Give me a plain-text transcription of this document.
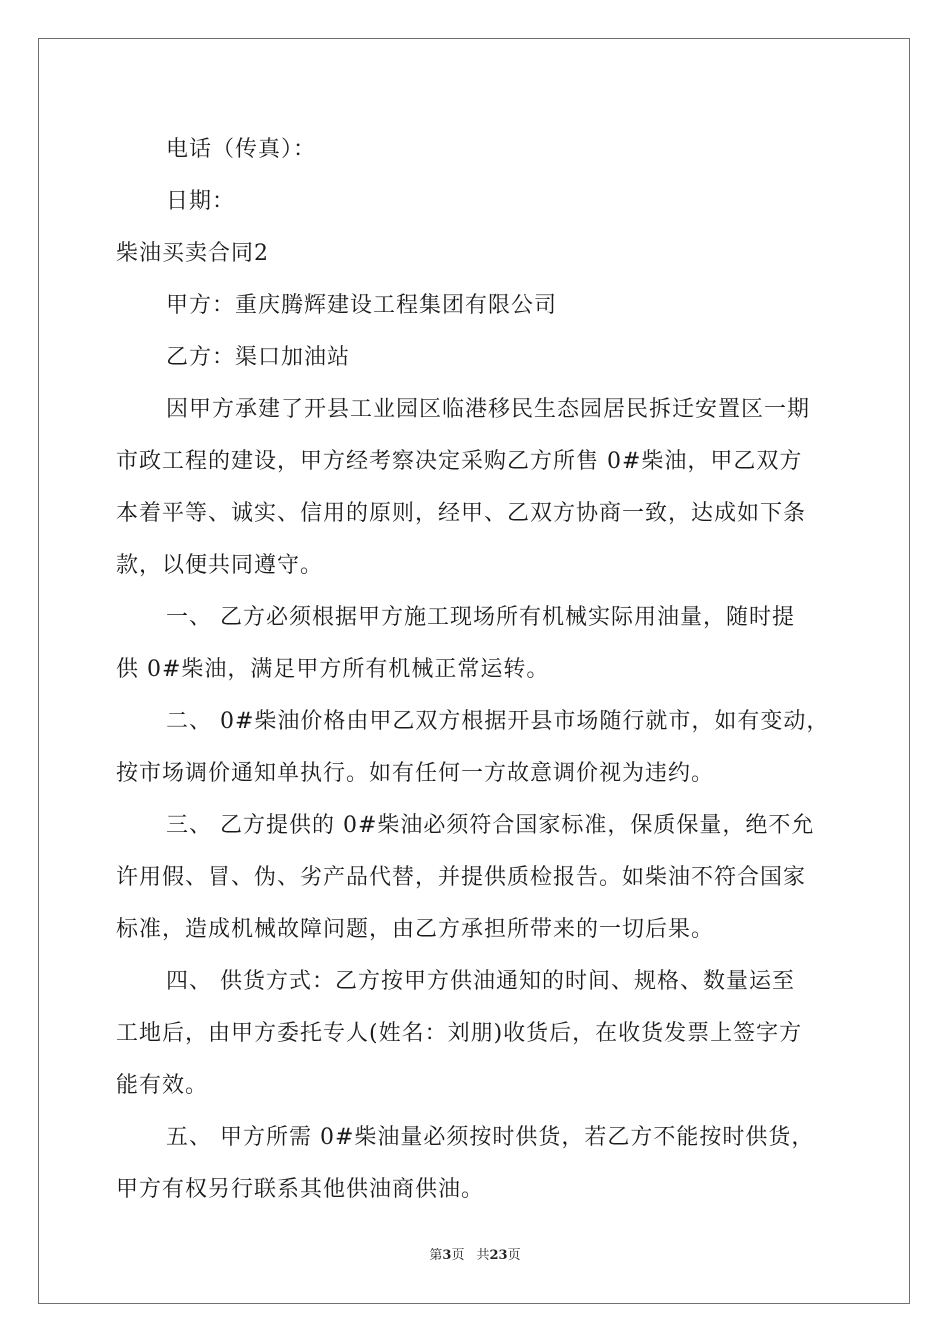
电话（传真）：
日期：
柴油买卖合同2
甲方：重庆腾辉建设工程集团有限公司
乙方：渠口加油站
因甲方承建了开县工业园区临港移民生态园居民拆迁安置区一期
市政工程的建设，甲方经考察决定采购乙方所售 0#柴油，甲乙双方
本着平等、诚实、信用的原则，经甲、乙双方协商一致，达成如下条
款，以便共同遵守。
一、 乙方必须根据甲方施工现场所有机械实际用油量，随时提
供 0#柴油，满足甲方所有机械正常运转。
二、 0#柴油价格由甲乙双方根据开县市场随行就市，如有变动，
按市场调价通知单执行。如有任何一方故意调价视为违约。
三、 乙方提供的 0#柴油必须符合国家标准，保质保量，绝不允
许用假、冒、伪、劣产品代替，并提供质检报告。如柴油不符合国家
标准，造成机械故障问题，由乙方承担所带来的一切后果。
四、 供货方式：乙方按甲方供油通知的时间、规格、数量运至
工地后，由甲方委托专人(姓名：刘朋)收货后，在收货发票上签字方
能有效。
五、 甲方所需 0#柴油量必须按时供货，若乙方不能按时供货，
甲方有权另行联系其他供油商供油。
第3页 共23页
